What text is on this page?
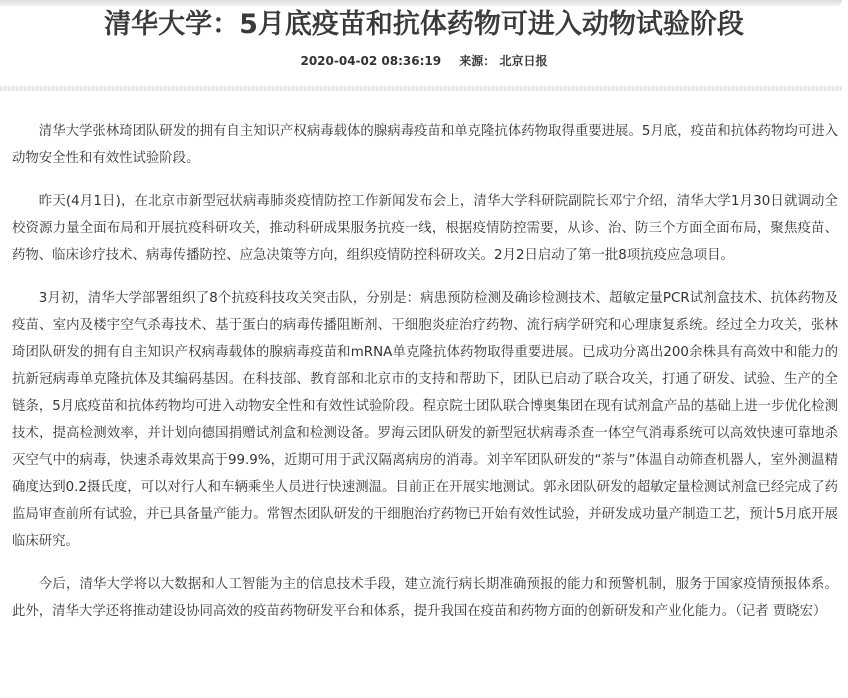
清华大学：5月底疫苗和抗体药物可进入动物试验阶段
2020-04-02 08:36:19 来源： 北京日报

清华大学张林琦团队研发的拥有自主知识产权病毒载体的腺病毒疫苗和单克隆抗体药物取得重要进展。5月底，疫苗和抗体药物均可进入动物安全性和有效性试验阶段。

昨天(4月1日)，在北京市新型冠状病毒肺炎疫情防控工作新闻发布会上，清华大学科研院副院长邓宁介绍，清华大学1月30日就调动全校资源力量全面布局和开展抗疫科研攻关，推动科研成果服务抗疫一线，根据疫情防控需要，从诊、治、防三个方面全面布局，聚焦疫苗、药物、临床诊疗技术、病毒传播防控、应急决策等方向，组织疫情防控科研攻关。2月2日启动了第一批8项抗疫应急项目。

3月初，清华大学部署组织了8个抗疫科技攻关突击队，分别是：病患预防检测及确诊检测技术、超敏定量PCR试剂盒技术、抗体药物及疫苗、室内及楼宇空气杀毒技术、基于蛋白的病毒传播阻断剂、干细胞炎症治疗药物、流行病学研究和心理康复系统。经过全力攻关，张林琦团队研发的拥有自主知识产权病毒载体的腺病毒疫苗和mRNA单克隆抗体药物取得重要进展。已成功分离出200余株具有高效中和能力的抗新冠病毒单克隆抗体及其编码基因。在科技部、教育部和北京市的支持和帮助下，团队已启动了联合攻关，打通了研发、试验、生产的全链条，5月底疫苗和抗体药物均可进入动物安全性和有效性试验阶段。程京院士团队联合博奥集团在现有试剂盒产品的基础上进一步优化检测技术，提高检测效率，并计划向德国捐赠试剂盒和检测设备。罗海云团队研发的新型冠状病毒杀查一体空气消毒系统可以高效快速可靠地杀灭空气中的病毒，快速杀毒效果高于99.9%，近期可用于武汉隔离病房的消毒。刘辛军团队研发的“荼与”体温自动筛查机器人，室外测温精确度达到0.2摄氏度，可以对行人和车辆乘坐人员进行快速测温。目前正在开展实地测试。郭永团队研发的超敏定量检测试剂盒已经完成了药监局审查前所有试验，并已具备量产能力。常智杰团队研发的干细胞治疗药物已开始有效性试验，并研发成功量产制造工艺，预计5月底开展临床研究。

今后，清华大学将以大数据和人工智能为主的信息技术手段，建立流行病长期准确预报的能力和预警机制，服务于国家疫情预报体系。此外，清华大学还将推动建设协同高效的疫苗药物研发平台和体系，提升我国在疫苗和药物方面的创新研发和产业化能力。（记者 贾晓宏）
